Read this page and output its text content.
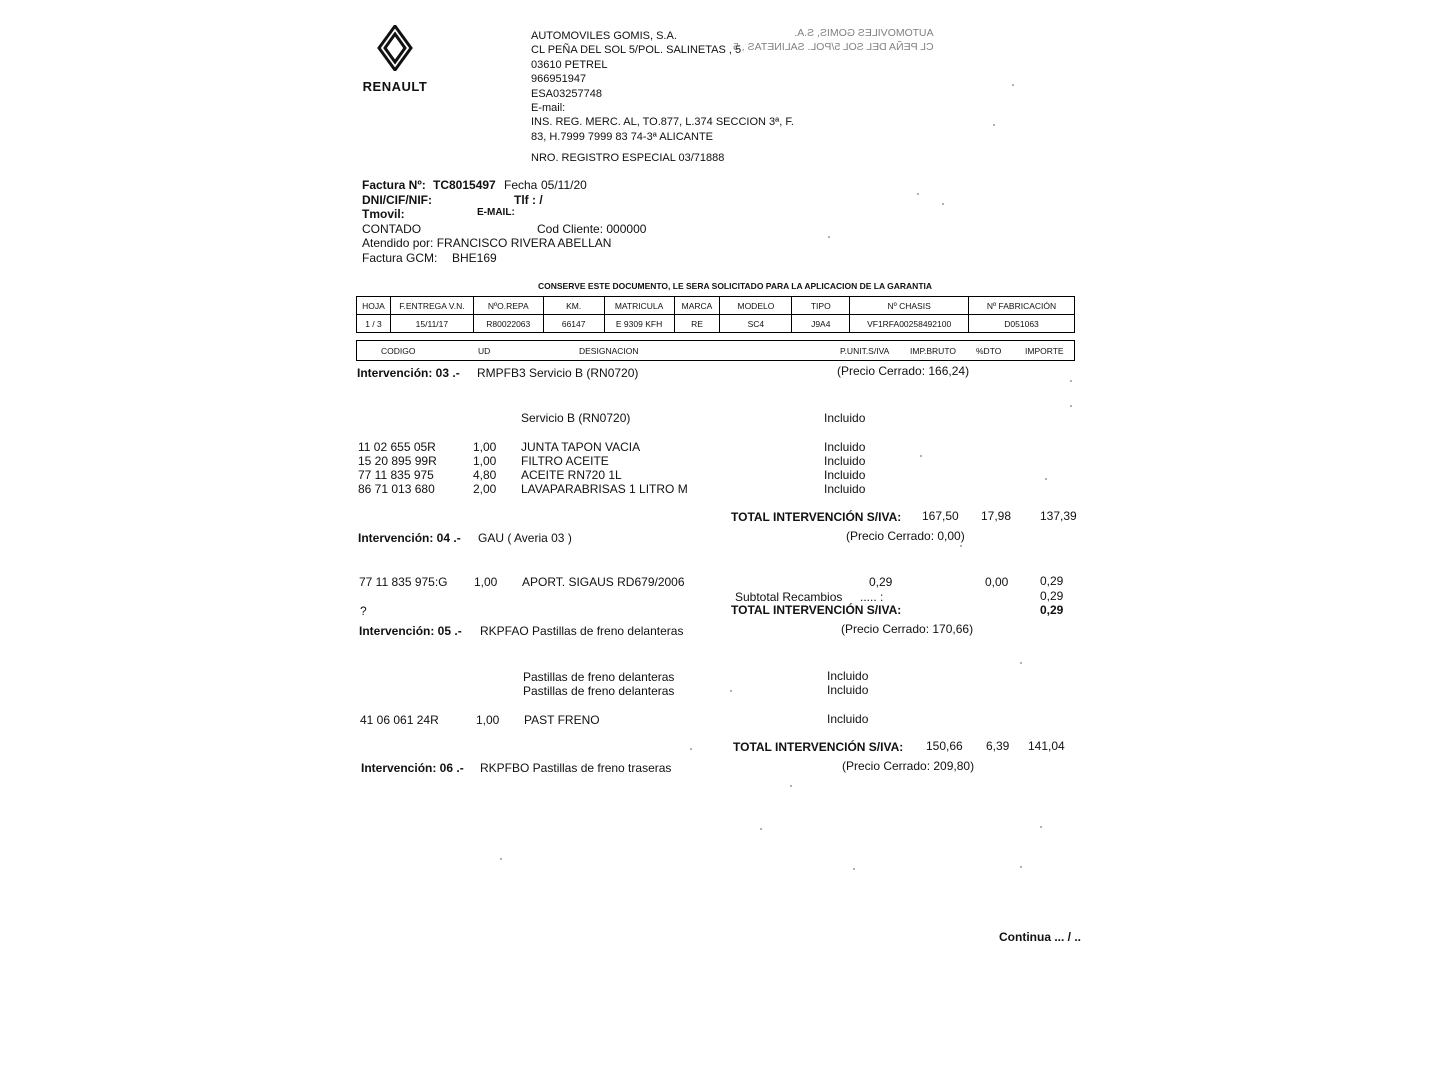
RENAULT
AUTOMOVILES GOMIS, S.A.
CL PEÑA DEL SOL 5/POL. SALINETAS , 5
03610 PETREL
966951947
ESA03257748
E-mail:
INS. REG. MERC. AL, TO.877, L.374 SECCION 3ª, F.
83, H.7999 7999 83 74-3ª ALICANTE
AUTOMOVILES GOMIS, S.A.
CL PEÑA DEL SOL 5/POL. SALINETAS , 5
NRO. REGISTRO ESPECIAL 03/71888
Factura Nº: TC8015497 Fecha 05/11/20
DNI/CIF/NIF:	Tlf : /
Tmovil:	E-MAIL:
CONTADO	Cod Cliente: 000000
Atendido por: FRANCISCO RIVERA ABELLAN
Factura GCM: BHE169
CONSERVE ESTE DOCUMENTO, LE SERA SOLICITADO PARA LA APLICACION DE LA GARANTIA
HOJA	F.ENTREGA V.N.	NºO.REPA	KM.	MATRICULA	MARCA	MODELO	TIPO	Nº CHASIS	Nº FABRICACIÓN
1 / 3	15/11/17	R80022063	66147	E 9309 KFH	RE	SC4	J9A4	VF1RFA00258492100	D051063
CODIGO	UD	DESIGNACION	P.UNIT.S/IVA IMP.BRUTO %DTO	IMPORTE
Intervención: 03 .- RMPFB3 Servicio B (RN0720)	(Precio Cerrado: 166,24)
Servicio B (RN0720)	Incluido
11 02 655 05R	1,00 JUNTA TAPON VACIA	Incluido
15 20 895 99R	1,00 FILTRO ACEITE	Incluido
77 11 835 975	4,80 ACEITE RN720 1L	Incluido
86 71 013 680	2,00 LAVAPARABRISAS 1 LITRO M	Incluido
TOTAL INTERVENCIÓN S/IVA: 167,50 17,98 137,39
Intervención: 04 .- GAU ( Averia 03 )	(Precio Cerrado: 0,00)
77 11 835 975:G 1,00 APORT. SIGAUS RD679/2006	0,29	0,00	0,29
Subtotal Recambios ..... :	0,29
?	TOTAL INTERVENCIÓN S/IVA:	0,29
Intervención: 05 .- RKPFAO Pastillas de freno delanteras	(Precio Cerrado: 170,66)
Pastillas de freno delanteras	Incluido
Pastillas de freno delanteras	Incluido
41 06 061 24R	1,00 PAST FRENO	Incluido
TOTAL INTERVENCIÓN S/IVA: 150,66 6,39 141,04
Intervención: 06 .- RKPFBO Pastillas de freno traseras	(Precio Cerrado: 209,80)
Continua ... / ..
